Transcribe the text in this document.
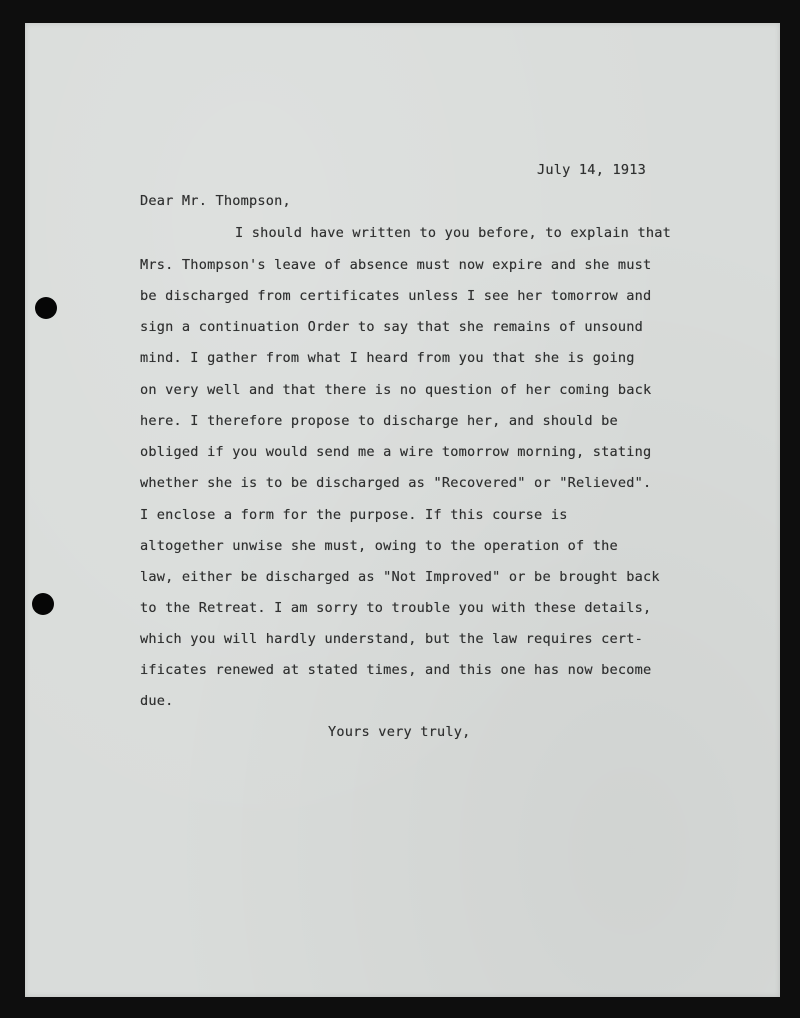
July 14, 1913
Dear Mr. Thompson,
I should have written to you before, to explain that
Mrs. Thompson's leave of absence must now expire and she must
be discharged from certificates unless I see her tomorrow and
sign a continuation Order to say that she remains of unsound
mind. I gather from what I heard from you that she is going
on very well and that there is no question of her coming back
here. I therefore propose to discharge her, and should be
obliged if you would send me a wire tomorrow morning, stating
whether she is to be discharged as "Recovered" or "Relieved".
I enclose a form for the purpose. If this course is
altogether unwise she must, owing to the operation of the
law, either be discharged as "Not Improved" or be brought back
to the Retreat. I am sorry to trouble you with these details,
which you will hardly understand, but the law requires cert-
ificates renewed at stated times, and this one has now become
due.
Yours very truly,
